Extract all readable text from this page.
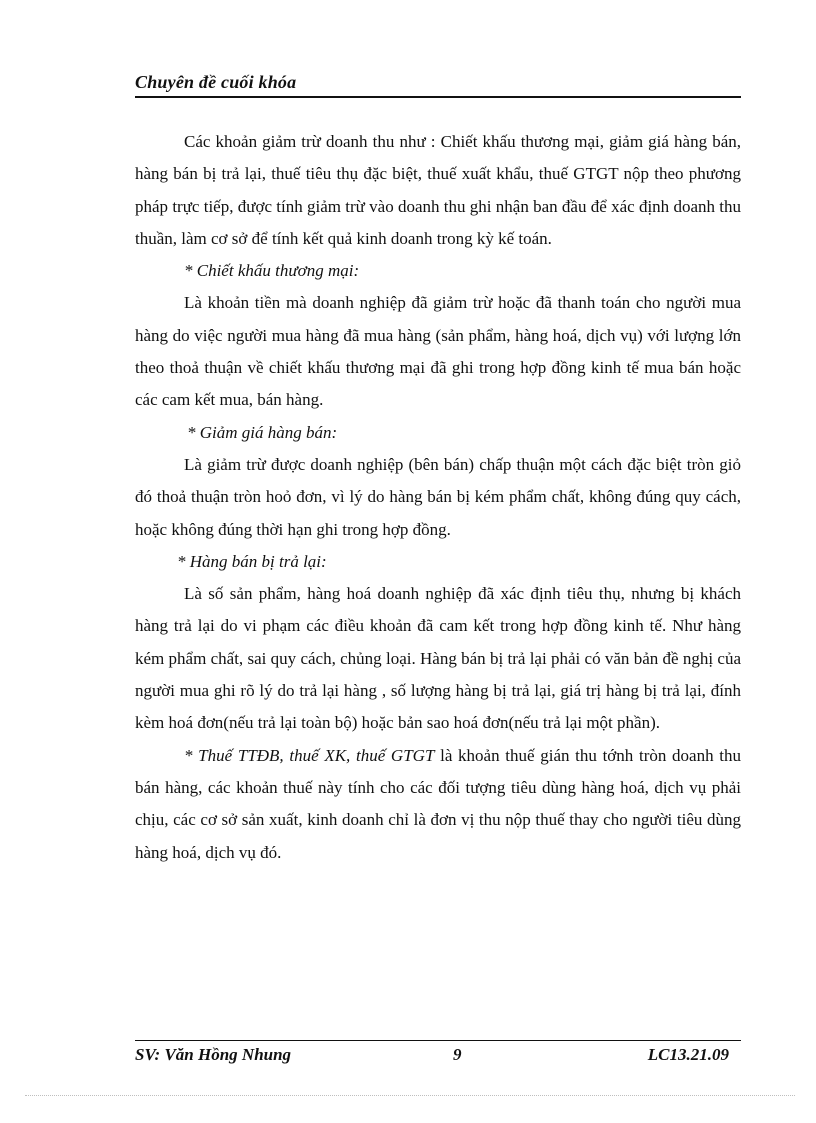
Chuyên đề cuối khóa

Các khoản giảm trừ doanh thu như : Chiết khấu thương mại, giảm giá hàng bán, hàng bán bị trả lại, thuế tiêu thụ đặc biệt, thuế xuất khẩu, thuế GTGT nộp theo phương pháp trực tiếp, được tính giảm trừ vào doanh thu ghi nhận ban đầu để xác định doanh thu thuần, làm cơ sở để tính kết quả kinh doanh trong kỳ kế toán.

* Chiết khấu thương mại:

Là khoản tiền mà doanh nghiệp đã giảm trừ hoặc đã thanh toán cho người mua hàng do việc người mua hàng đã mua hàng (sản phẩm, hàng hoá, dịch vụ) với lượng lớn theo thoả thuận về chiết khấu thương mại đã ghi trong hợp đồng kinh tế mua bán hoặc các cam kết mua, bán hàng.

* Giảm giá hàng bán:

Là giảm trừ được doanh nghiệp (bên bán) chấp thuận một cách đặc biệt tròn giỏ đó thoả thuận tròn hoỏ đơn, vì lý do hàng bán bị kém phẩm chất, không đúng quy cách, hoặc không đúng thời hạn ghi trong hợp đồng.

* Hàng bán bị trả lại:

Là số sản phẩm, hàng hoá doanh nghiệp đã xác định tiêu thụ, nhưng bị khách hàng trả lại do vi phạm các điều khoản đã cam kết trong hợp đồng kinh tế. Như hàng kém phẩm chất, sai quy cách, chủng loại. Hàng bán bị trả lại phải có văn bản đề nghị của người mua ghi rõ lý do trả lại hàng , số lượng hàng bị trả lại, giá trị hàng bị trả lại, đính kèm hoá đơn(nếu trả lại toàn bộ) hoặc bản sao hoá đơn(nếu trả lại một phần).

* Thuế TTĐB, thuế XK, thuế GTGT là khoản thuế gián thu tớnh tròn doanh thu bán hàng, các khoản thuế này tính cho các đối tượng tiêu dùng hàng hoá, dịch vụ phải chịu, các cơ sở sản xuất, kinh doanh chỉ là đơn vị thu nộp thuế thay cho người tiêu dùng hàng hoá, dịch vụ đó.

SV: Văn Hồng Nhung	9	LC13.21.09
